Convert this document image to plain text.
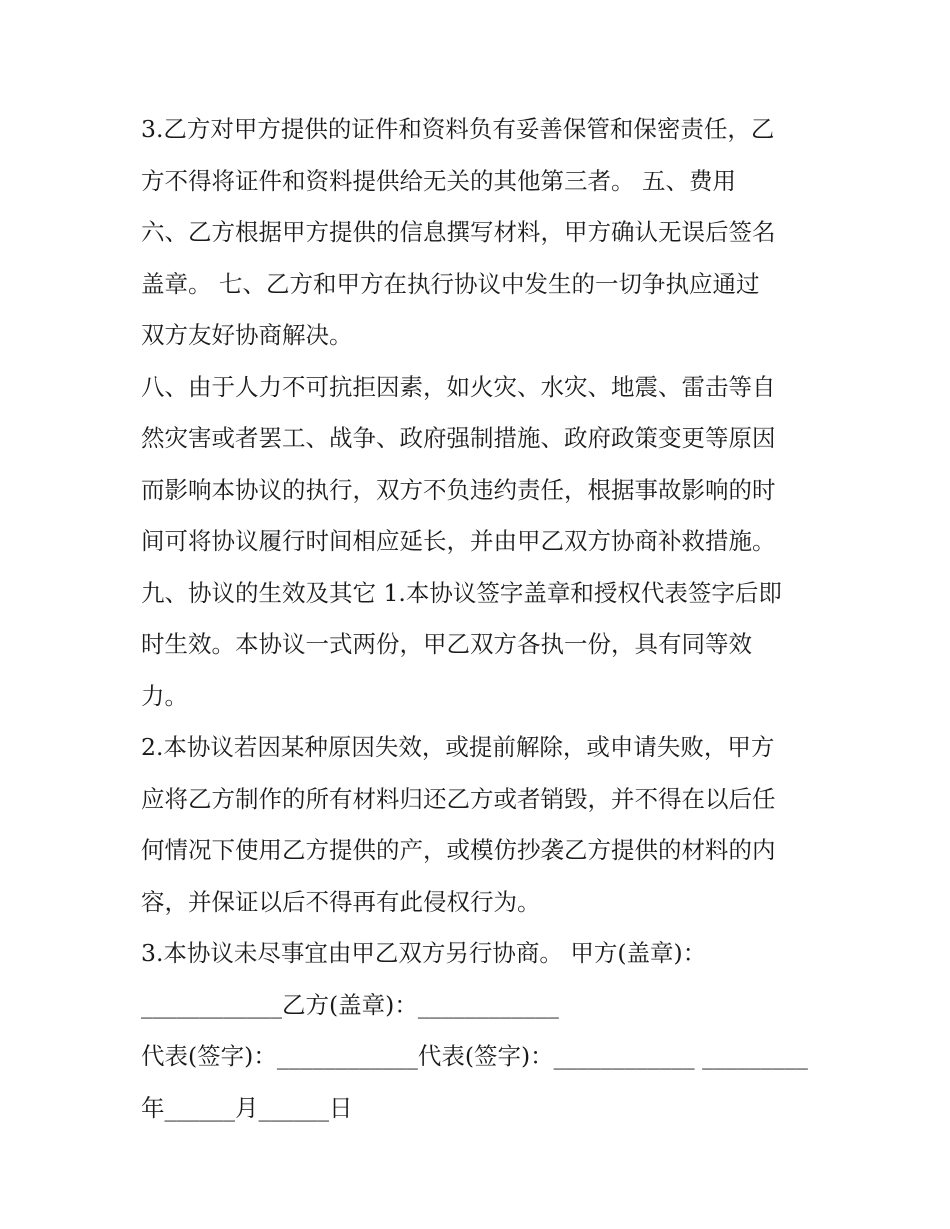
3.乙方对甲方提供的证件和资料负有妥善保管和保密责任，乙
方不得将证件和资料提供给无关的其他第三者。 五、费用
六、乙方根据甲方提供的信息撰写材料，甲方确认无误后签名
盖章。 七、乙方和甲方在执行协议中发生的一切争执应通过
双方友好协商解决。
八、由于人力不可抗拒因素，如火灾、水灾、地震、雷击等自
然灾害或者罢工、战争、政府强制措施、政府政策变更等原因
而影响本协议的执行，双方不负违约责任，根据事故影响的时
间可将协议履行时间相应延长，并由甲乙双方协商补救措施。
九、协议的生效及其它 1.本协议签字盖章和授权代表签字后即
时生效。本协议一式两份，甲乙双方各执一份，具有同等效
力。
2.本协议若因某种原因失效，或提前解除，或申请失败，甲方
应将乙方制作的所有材料归还乙方或者销毁，并不得在以后任
何情况下使用乙方提供的产，或模仿抄袭乙方提供的材料的内
容，并保证以后不得再有此侵权行为。
3.本协议未尽事宜由甲乙双方另行协商。 甲方(盖章)：
____________乙方(盖章)：____________
代表(签字)：____________代表(签字)：____________ _________
年______月______日
